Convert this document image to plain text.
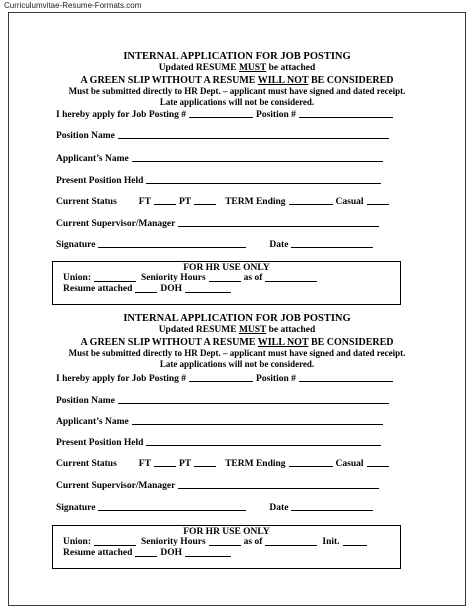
Curriculumvitae-Resume-Formats.com
INTERNAL APPLICATION FOR JOB POSTING
Updated RESUME MUST be attached
A GREEN SLIP WITHOUT A RESUME WILL NOT BE CONSIDERED
Must be submitted directly to HR Dept. – applicant must have signed and dated receipt.
Late applications will not be considered.
I hereby apply for Job Posting #	Position #
Position Name
Applicant’s Name
Present Position Held
Current Status FT	PT	TERM Ending	Casual
Current Supervisor/Manager
Signature	Date
FOR HR USE ONLY
Union:	Seniority Hours	as of
Resume attached	DOH
INTERNAL APPLICATION FOR JOB POSTING
Updated RESUME MUST be attached
A GREEN SLIP WITHOUT A RESUME WILL NOT BE CONSIDERED
Must be submitted directly to HR Dept. – applicant must have signed and dated receipt.
Late applications will not be considered.
I hereby apply for Job Posting #	Position #
Position Name
Applicant’s Name
Present Position Held
Current Status FT	PT	TERM Ending	Casual
Current Supervisor/Manager
Signature	Date
FOR HR USE ONLY
Union:	Seniority Hours	as of	Init.
Resume attached	DOH
